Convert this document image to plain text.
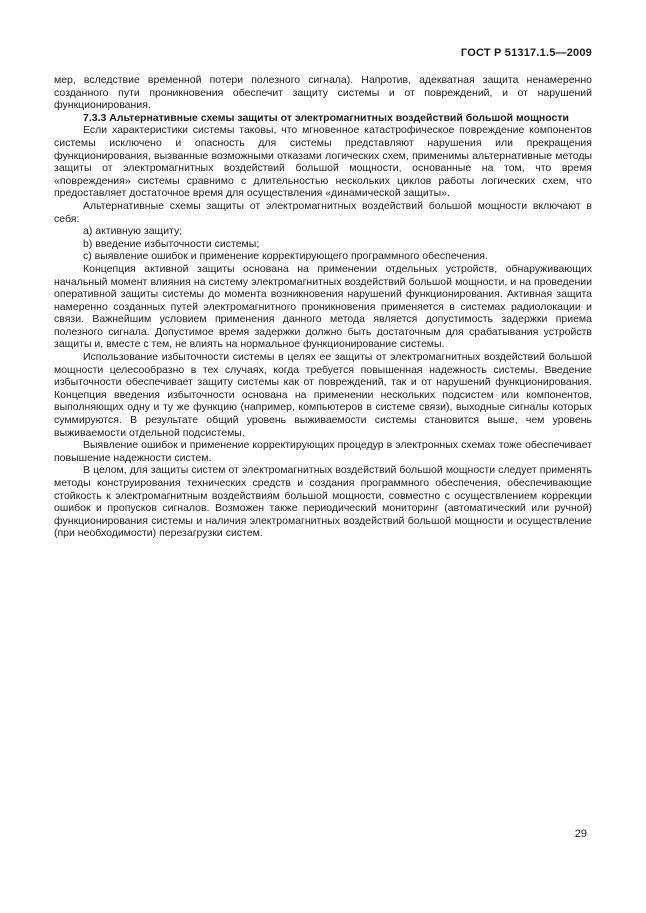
ГОСТ Р 51317.1.5—2009

мер, вследствие временной потери полезного сигнала). Напротив, адекватная защита ненамеренно созданного пути проникновения обеспечит защиту системы и от повреждений, и от нарушений функционирования.

7.3.3 Альтернативные схемы защиты от электромагнитных воздействий большой мощности

Если характеристики системы таковы, что мгновенное катастрофическое повреждение компонентов системы исключено и опасность для системы представляют нарушения или прекращения функционирования, вызванные возможными отказами логических схем, применимы альтернативные методы защиты от электромагнитных воздействий большой мощности, основанные на том, что время «повреждения» системы сравнимо с длительностью нескольких циклов работы логических схем, что предоставляет достаточное время для осуществления «динамической защиты».

Альтернативные схемы защиты от электромагнитных воздействий большой мощности включают в себя:

a) активную защиту;

b) введение избыточности системы;

c) выявление ошибок и применение корректирующего программного обеспечения.

Концепция активной защиты основана на применении отдельных устройств, обнаруживающих начальный момент влияния на систему электромагнитных воздействий большой мощности, и на проведении оперативной защиты системы до момента возникновения нарушений функционирования. Активная защита намеренно созданных путей электромагнитного проникновения применяется в системах радиолокации и связи. Важнейшим условием применения данного метода является допустимость задержки приема полезного сигнала. Допустимое время задержки должно быть достаточным для срабатывания устройств защиты и, вместе с тем, не влиять на нормальное функционирование системы.

Использование избыточности системы в целях ее защиты от электромагнитных воздействий большой мощности целесообразно в тех случаях, когда требуется повышенная надежность системы. Введение избыточности обеспечивает защиту системы как от повреждений, так и от нарушений функционирования. Концепция введения избыточности основана на применении нескольких подсистем или компонентов, выполняющих одну и ту же функцию (например, компьютеров в системе связи), выходные сигналы которых суммируются. В результате общий уровень выживаемости системы становится выше, чем уровень выживаемости отдельной подсистемы.

Выявление ошибок и применение корректирующих процедур в электронных схемах тоже обеспечивает повышение надежности систем.

В целом, для защиты систем от электромагнитных воздействий большой мощности следует применять методы конструирования технических средств и создания программного обеспечения, обеспечивающие стойкость к электромагнитным воздействиям большой мощности, совместно с осуществлением коррекции ошибок и пропусков сигналов. Возможен также периодический мониторинг (автоматический или ручной) функционирования системы и наличия электромагнитных воздействий большой мощности и осуществление (при необходимости) перезагрузки систем.

29
